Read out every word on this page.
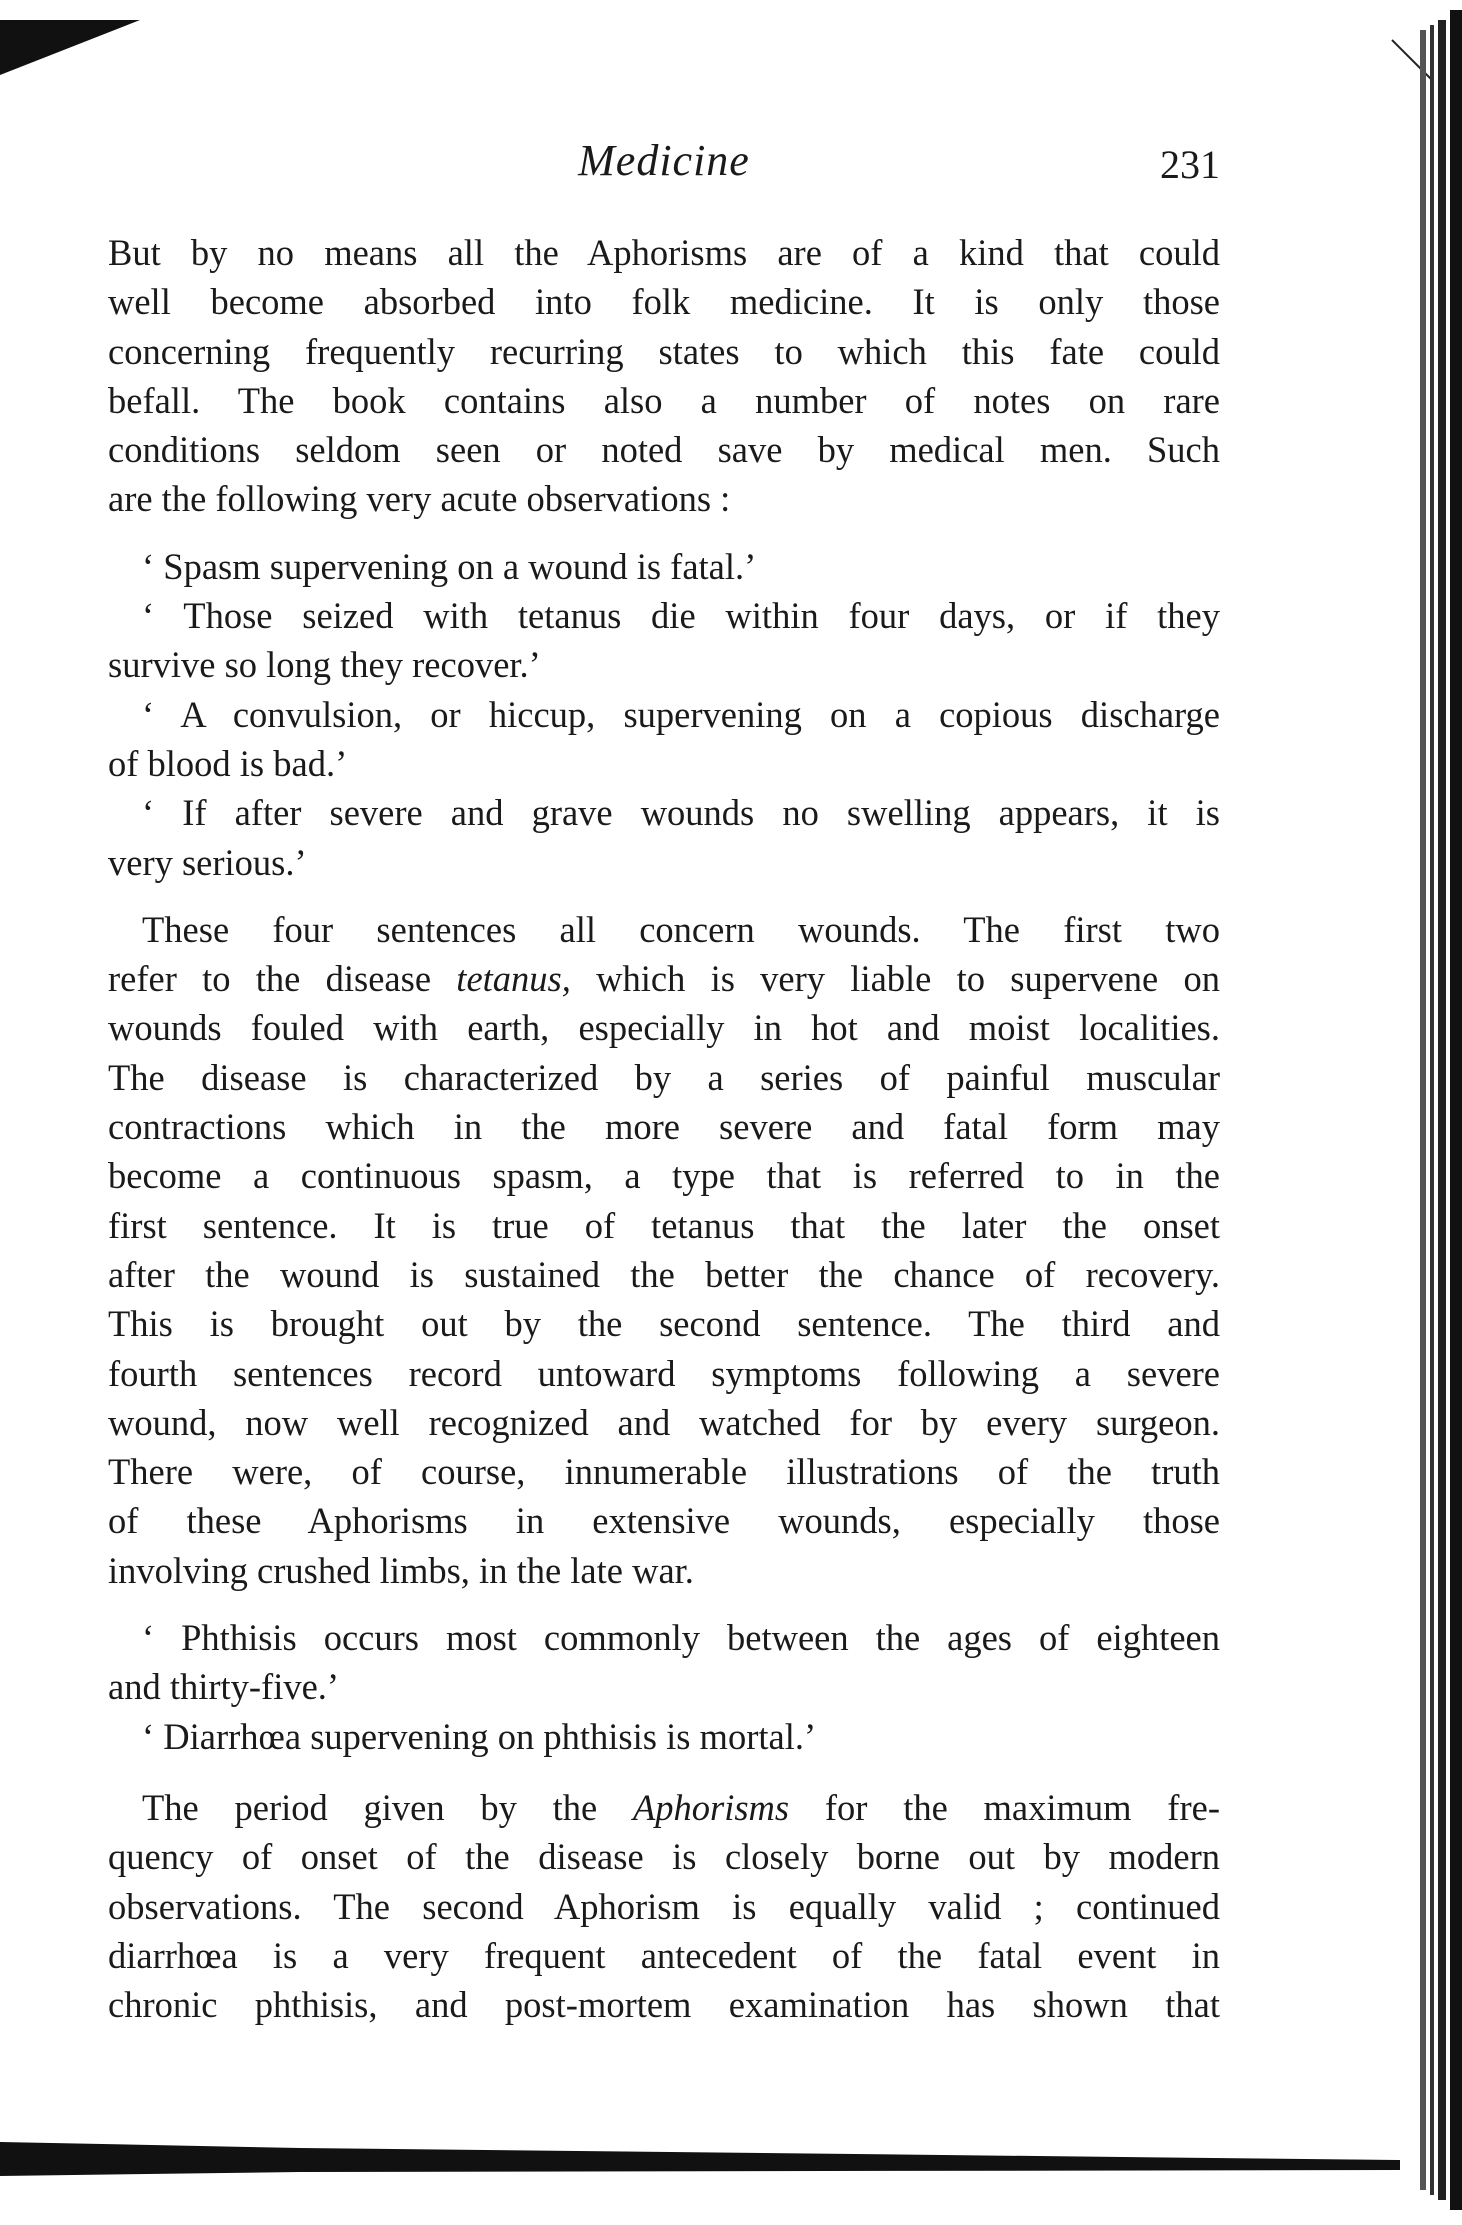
Medicine	231
But by no means all the Aphorisms are of a kind that could
well become absorbed into folk medicine. It is only those
concerning frequently recurring states to which this fate could
befall. The book contains also a number of notes on rare
conditions seldom seen or noted save by medical men. Such
are the following very acute observations :
‘ Spasm supervening on a wound is fatal.’
‘ Those seized with tetanus die within four days, or if they
survive so long they recover.’
‘ A convulsion, or hiccup, supervening on a copious discharge
of blood is bad.’
‘ If after severe and grave wounds no swelling appears, it is
very serious.’
These four sentences all concern wounds. The first two
refer to the disease tetanus, which is very liable to supervene on
wounds fouled with earth, especially in hot and moist localities.
The disease is characterized by a series of painful muscular
contractions which in the more severe and fatal form may
become a continuous spasm, a type that is referred to in the
first sentence. It is true of tetanus that the later the onset
after the wound is sustained the better the chance of recovery.
This is brought out by the second sentence. The third and
fourth sentences record untoward symptoms following a severe
wound, now well recognized and watched for by every surgeon.
There were, of course, innumerable illustrations of the truth
of these Aphorisms in extensive wounds, especially those
involving crushed limbs, in the late war.
‘ Phthisis occurs most commonly between the ages of eighteen
and thirty-five.’
‘ Diarrhœa supervening on phthisis is mortal.’
The period given by the Aphorisms for the maximum fre-
quency of onset of the disease is closely borne out by modern
observations. The second Aphorism is equally valid ; continued
diarrhœa is a very frequent antecedent of the fatal event in
chronic phthisis, and post-mortem examination has shown that
